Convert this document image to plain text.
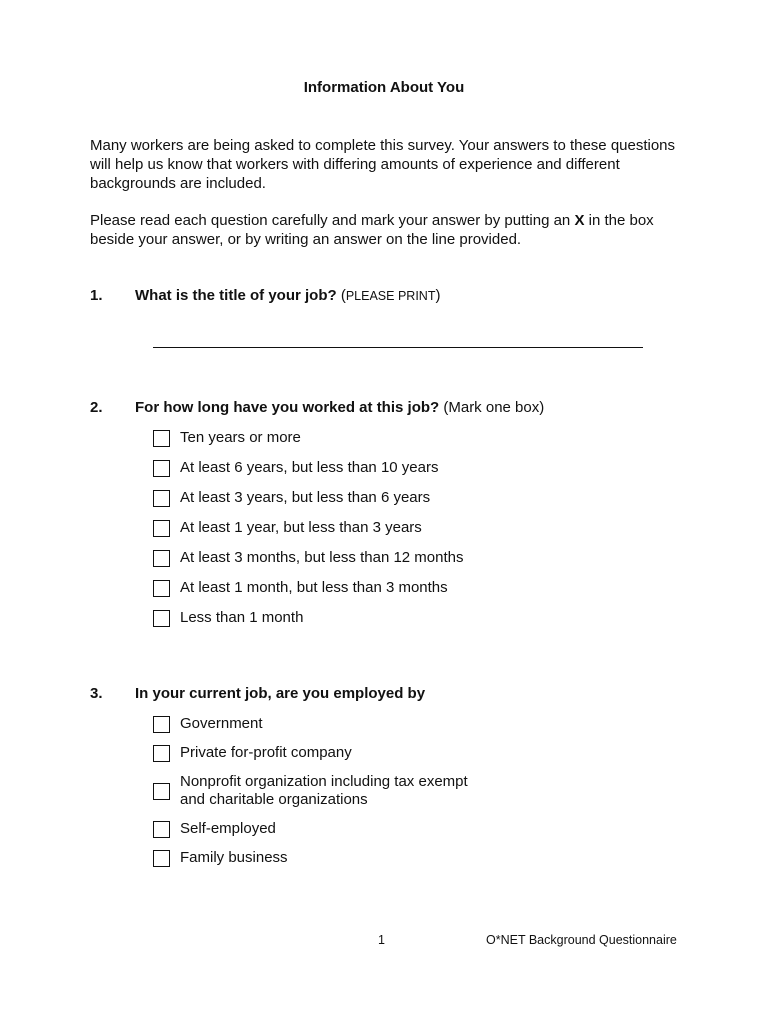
Information About You
Many workers are being asked to complete this survey. Your answers to these questions will help us know that workers with differing amounts of experience and different backgrounds are included.
Please read each question carefully and mark your answer by putting an X in the box beside your answer, or by writing an answer on the line provided.
1. What is the title of your job? (PLEASE PRINT)
2. For how long have you worked at this job? (Mark one box)
Ten years or more
At least 6 years, but less than 10 years
At least 3 years, but less than 6 years
At least 1 year, but less than 3 years
At least 3 months, but less than 12 months
At least 1 month, but less than 3 months
Less than 1 month
3. In your current job, are you employed by
Government
Private for-profit company
Nonprofit organization including tax exempt
and charitable organizations
Self-employed
Family business
1	O*NET Background Questionnaire
